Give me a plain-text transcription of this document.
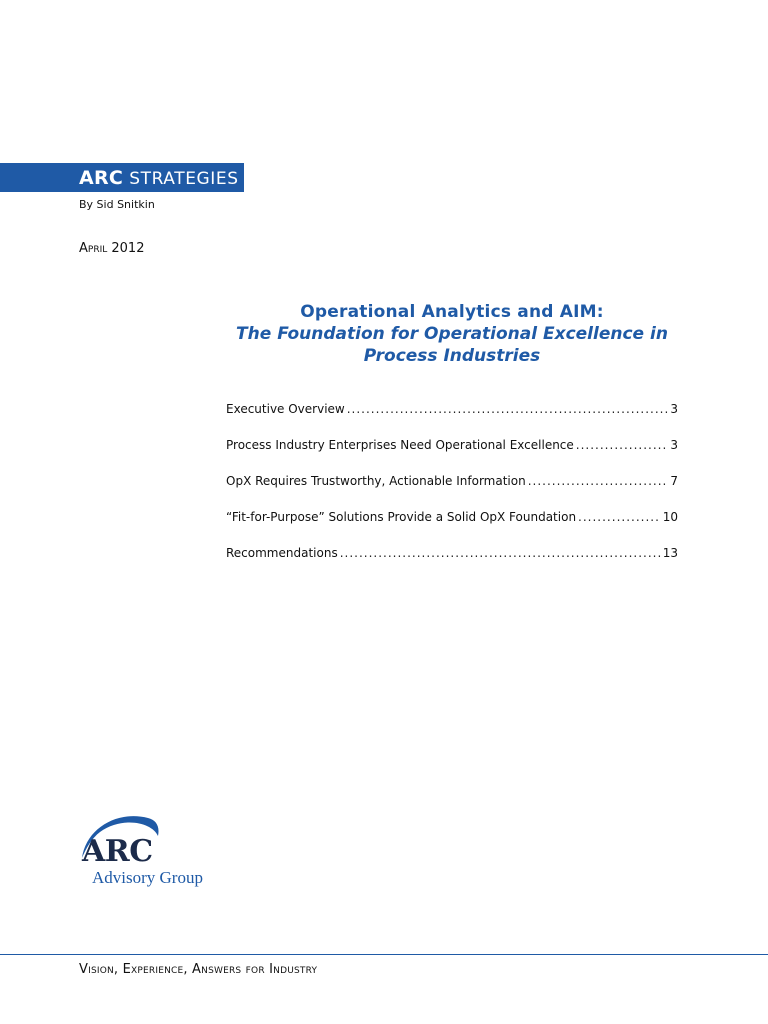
ARC STRATEGIES
By Sid Snitkin
April 2012
Operational Analytics and AIM:
The Foundation for Operational Excellence in Process Industries
Executive Overview .....	3
Process Industry Enterprises Need Operational Excellence .....	3
OpX Requires Trustworthy, Actionable Information .....	7
“Fit-for-Purpose” Solutions Provide a Solid OpX Foundation .....	10
Recommendations .....	13
ARC
Advisory Group
Vision, Experience, Answers for Industry
